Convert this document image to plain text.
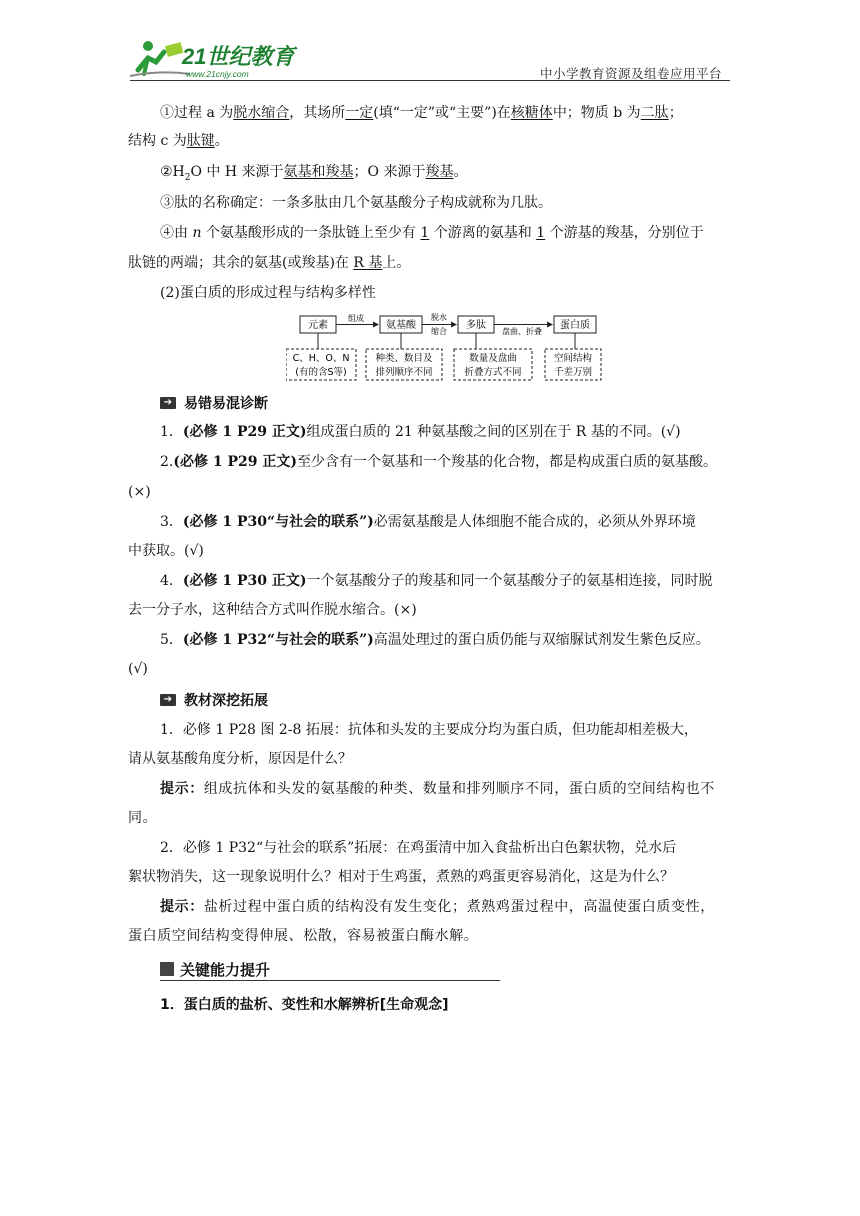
21世纪教育
www.21cnjy.com	中小学教育资源及组卷应用平台
①过程 a 为脱水缩合，其场所一定(填“一定”或“主要”)在核糖体中；物质 b 为二肽；
结构 c 为肽键。
$②H_2O$ 中 H 来源于氨基和羧基；O 来源于羧基。
③肽的名称确定：一条多肽由几个氨基酸分子构成就称为几肽。
④由 n 个氨基酸形成的一条肽链上至少有 1 个游离的氨基和 1 个游基的羧基，分别位于
肽链的两端；其余的氨基(或羧基)在 R 基上。
(2)蛋白质的形成过程与结构多样性
元素	氨基酸	多肽	蛋白质
组成	脱水
缩合	盘曲、折叠
C、H、O、N
(有的含S等)
种类、数目及
排列顺序不同
数量及盘曲
折叠方式不同
空间结构
千差万别
➔ 易错易混诊断
1．(必修 1 P29 正文)组成蛋白质的 21 种氨基酸之间的区别在于 R 基的不同。(√)
2.(必修 1 P29 正文)至少含有一个氨基和一个羧基的化合物，都是构成蛋白质的氨基酸。
(×)
3．(必修 1 P30“与社会的联系”)必需氨基酸是人体细胞不能合成的，必须从外界环境
中获取。(√)
4．(必修 1 P30 正文)一个氨基酸分子的羧基和同一个氨基酸分子的氨基相连接，同时脱
去一分子水，这种结合方式叫作脱水缩合。(×)
5．(必修 1 P32“与社会的联系”)高温处理过的蛋白质仍能与双缩脲试剂发生紫色反应。
(√)
➔ 教材深挖拓展
1．必修 1 P28 图 2-8 拓展：抗体和头发的主要成分均为蛋白质，但功能却相差极大，
请从氨基酸角度分析，原因是什么？
提示：组成抗体和头发的氨基酸的种类、数量和排列顺序不同，蛋白质的空间结构也不
同。
2．必修 1 P32“与社会的联系”拓展：在鸡蛋清中加入食盐析出白色絮状物，兑水后
絮状物消失，这一现象说明什么？相对于生鸡蛋，煮熟的鸡蛋更容易消化，这是为什么？
提示：盐析过程中蛋白质的结构没有发生变化；煮熟鸡蛋过程中，高温使蛋白质变性，
蛋白质空间结构变得伸展、松散，容易被蛋白酶水解。
关键能力提升
1．蛋白质的盐析、变性和水解辨析[生命观念]
